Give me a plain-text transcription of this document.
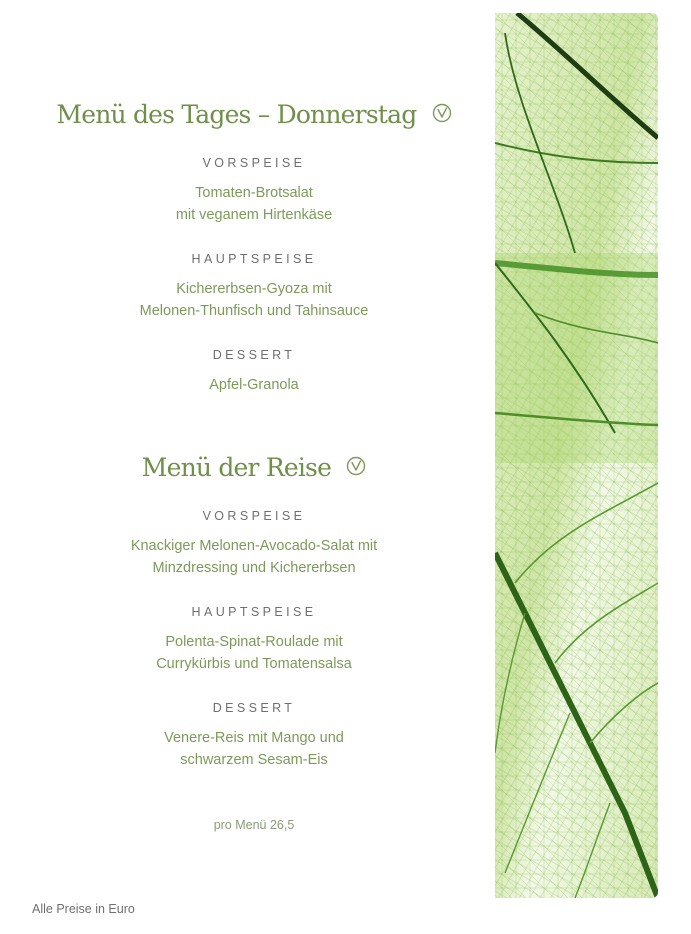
Menü des Tages – Donnerstag
VORSPEISE
Tomaten-Brotsalat
mit veganem Hirtenkäse
HAUPTSPEISE
Kichererbsen-Gyoza mit
Melonen-Thunfisch und Tahinsauce
DESSERT
Apfel-Granola
Menü der Reise
VORSPEISE
Knackiger Melonen-Avocado-Salat mit
Minzdressing und Kichererbsen
HAUPTSPEISE
Polenta-Spinat-Roulade mit
Currykürbis und Tomatensalsa
DESSERT
Venere-Reis mit Mango und
schwarzem Sesam-Eis
pro Menü 26,5
Alle Preise in Euro
